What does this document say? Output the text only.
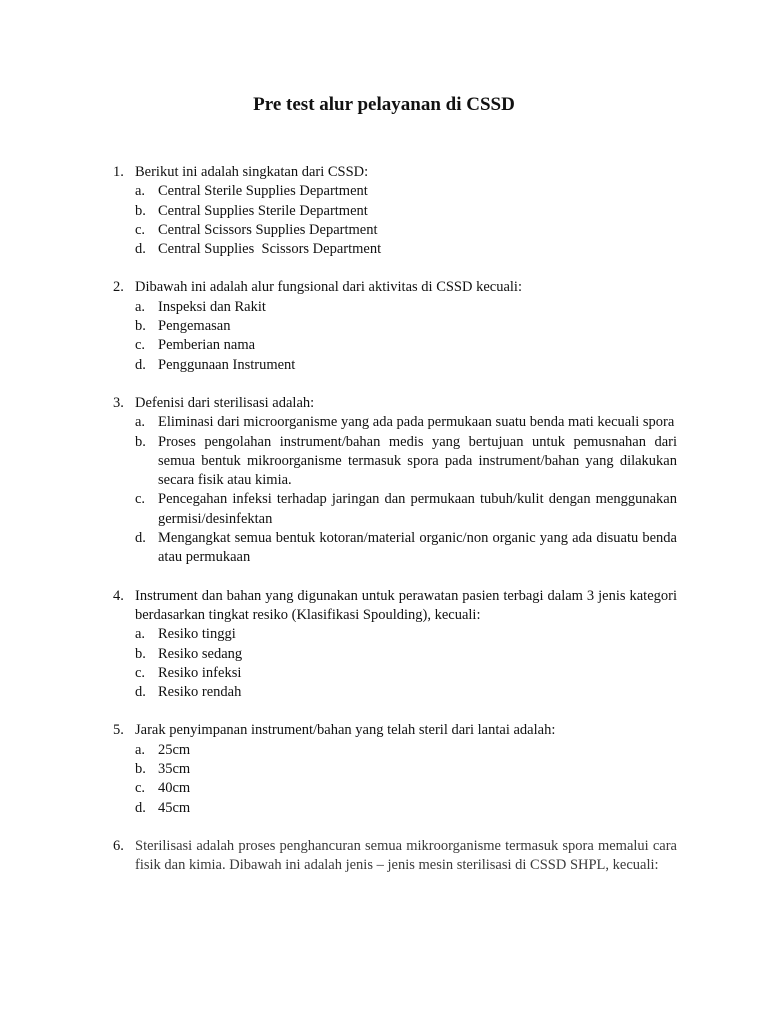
Pre test alur pelayanan di CSSD
1. Berikut ini adalah singkatan dari CSSD:
a. Central Sterile Supplies Department
b. Central Supplies Sterile Department
c. Central Scissors Supplies Department
d. Central Supplies  Scissors Department
2. Dibawah ini adalah alur fungsional dari aktivitas di CSSD kecuali:
a. Inspeksi dan Rakit
b. Pengemasan
c. Pemberian nama
d. Penggunaan Instrument
3. Defenisi dari sterilisasi adalah:
a. Eliminasi dari microorganisme yang ada pada permukaan suatu benda mati kecuali spora
b. Proses pengolahan instrument/bahan medis yang bertujuan untuk pemusnahan dari semua bentuk mikroorganisme termasuk spora pada instrument/bahan yang dilakukan secara fisik atau kimia.
c. Pencegahan infeksi terhadap jaringan dan permukaan tubuh/kulit dengan menggunakan germisi/desinfektan
d. Mengangkat semua bentuk kotoran/material organic/non organic yang ada disuatu benda atau permukaan
4. Instrument dan bahan yang digunakan untuk perawatan pasien terbagi dalam 3 jenis kategori berdasarkan tingkat resiko (Klasifikasi Spoulding), kecuali:
a. Resiko tinggi
b. Resiko sedang
c. Resiko infeksi
d. Resiko rendah
5. Jarak penyimpanan instrument/bahan yang telah steril dari lantai adalah:
a. 25cm
b. 35cm
c. 40cm
d. 45cm
6. Sterilisasi adalah proses penghancuran semua mikroorganisme termasuk spora memalui cara fisik dan kimia. Dibawah ini adalah jenis – jenis mesin sterilisasi di CSSD SHPL, kecuali:
